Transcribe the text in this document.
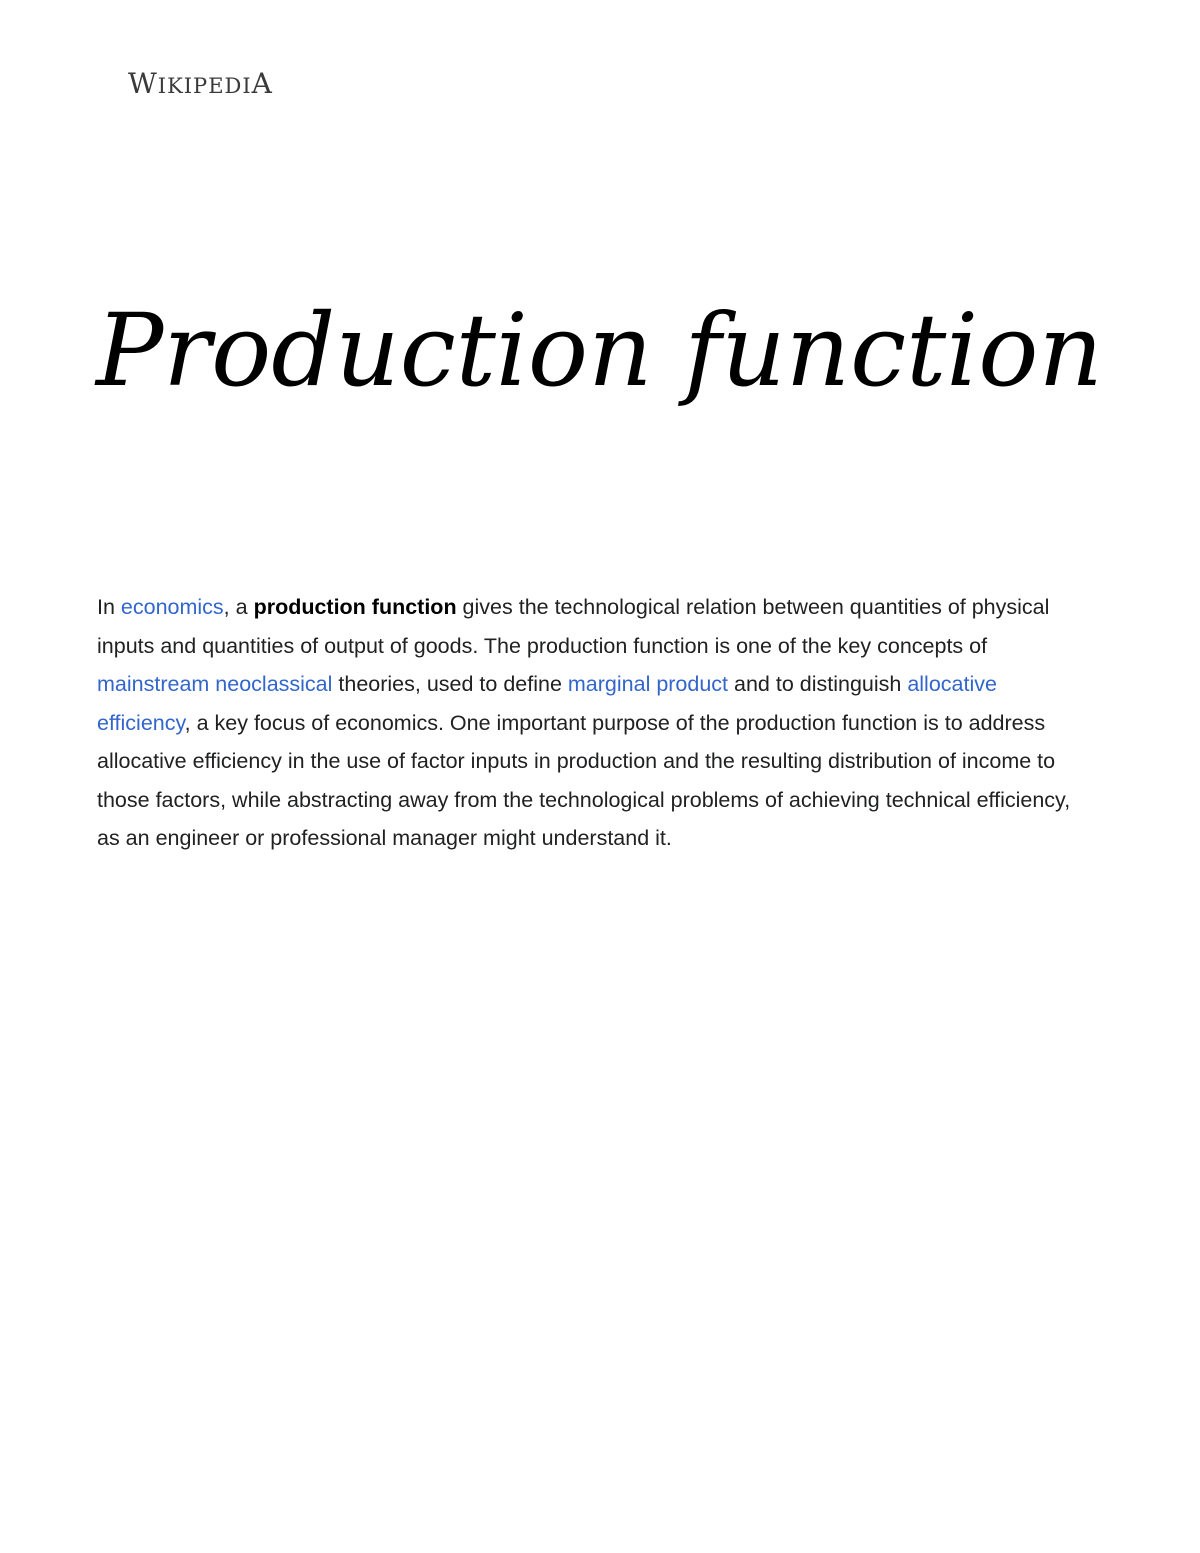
WIKIPEDIA
Production function

In economics, a production function gives the technological relation between quantities of physical inputs and quantities of output of goods. The production function is one of the key concepts of mainstream neoclassical theories, used to define marginal product and to distinguish allocative efficiency, a key focus of economics. One important purpose of the production function is to address allocative efficiency in the use of factor inputs in production and the resulting distribution of income to those factors, while abstracting away from the technological problems of achieving technical efficiency, as an engineer or professional manager might understand it.
